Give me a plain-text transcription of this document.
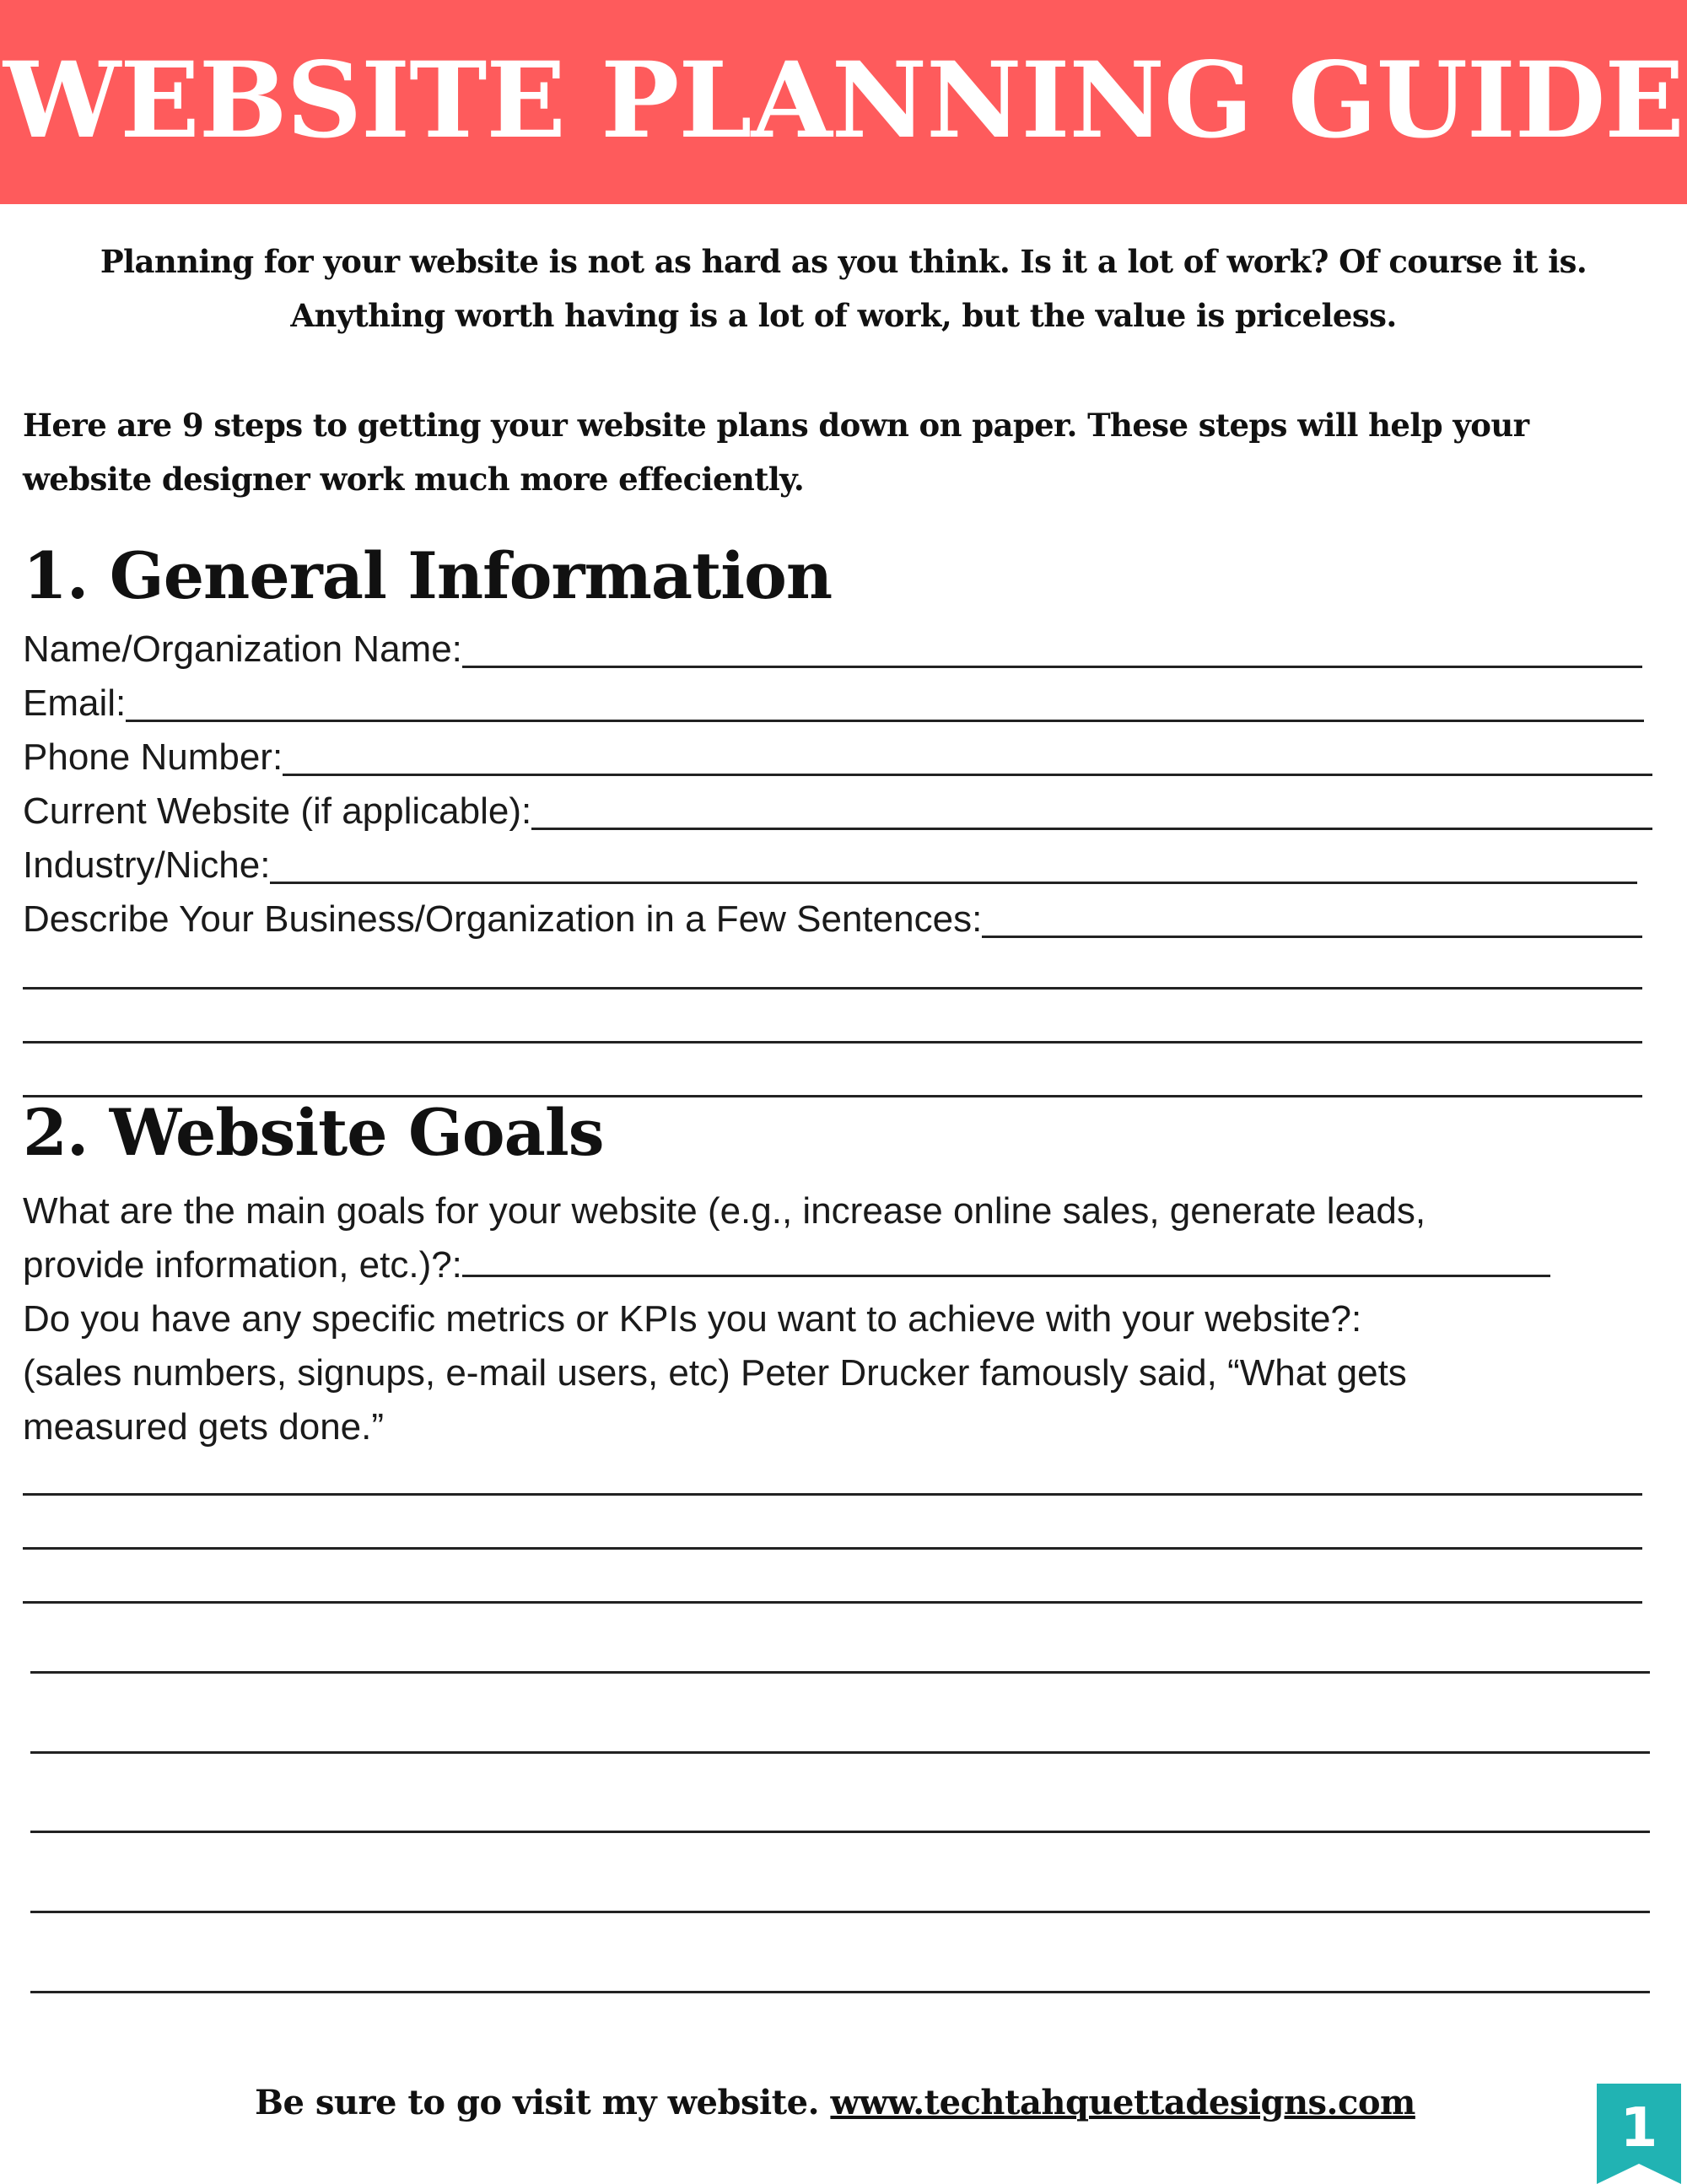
WEBSITE PLANNING GUIDE

Planning for your website is not as hard as you think. Is it a lot of work? Of course it is.

Anything worth having is a lot of work, but the value is priceless.

Here are 9 steps to getting your website plans down on paper. These steps will help your

website designer work much more effeciently.

1. General Information
Name/Organization Name:
Email:
Phone Number:
Current Website (if applicable):
Industry/Niche:
Describe Your Business/Organization in a Few Sentences:
2. Website Goals

What are the main goals for your website (e.g., increase online sales, generate leads,
provide information, etc.)?:

Do you have any specific metrics or KPIs you want to achieve with your website?:
(sales numbers, signups, e-mail users, etc) Peter Drucker famously said, “What gets
measured gets done.”

Be sure to go visit my website. www.techtahquettadesigns.com	1
